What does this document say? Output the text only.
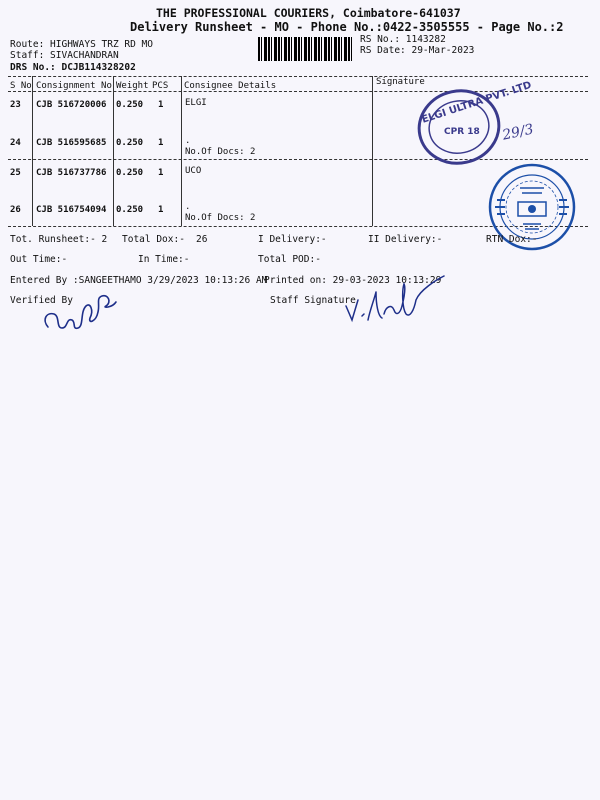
THE PROFESSIONAL COURIERS, Coimbatore-641037
Delivery Runsheet - MO - Phone No.:0422-3505555 - Page No.:2
Route: HIGHWAYS TRZ RD MO
Staff: SIVACHANDRAN
DRS No.: DCJB114328202
RS No.: 1143282
RS Date: 29-Mar-2023
S No Consignment No Weight PCS Consignee Details	Signature
23 CJB 516720006 0.250 1 ELGI
24 CJB 516595685 0.250 1 .
No.Of Docs: 2
25 CJB 516737786 0.250 1 UCO
26 CJB 516754094 0.250 1 .
No.Of Docs: 2
ELGI ULTRA PVT. LTD
CPR 18 29/3
Tot. Runsheet:- 2 Total Dox:- 26	I Delivery:-	II Delivery:-	RTN Dox:-
Out Time:-	In Time:-	Total POD:-
Entered By :SANGEETHAMO 3/29/2023 10:13:26 AM
Printed on: 29-03-2023 10:13:29
Verified By	Staff Signature
